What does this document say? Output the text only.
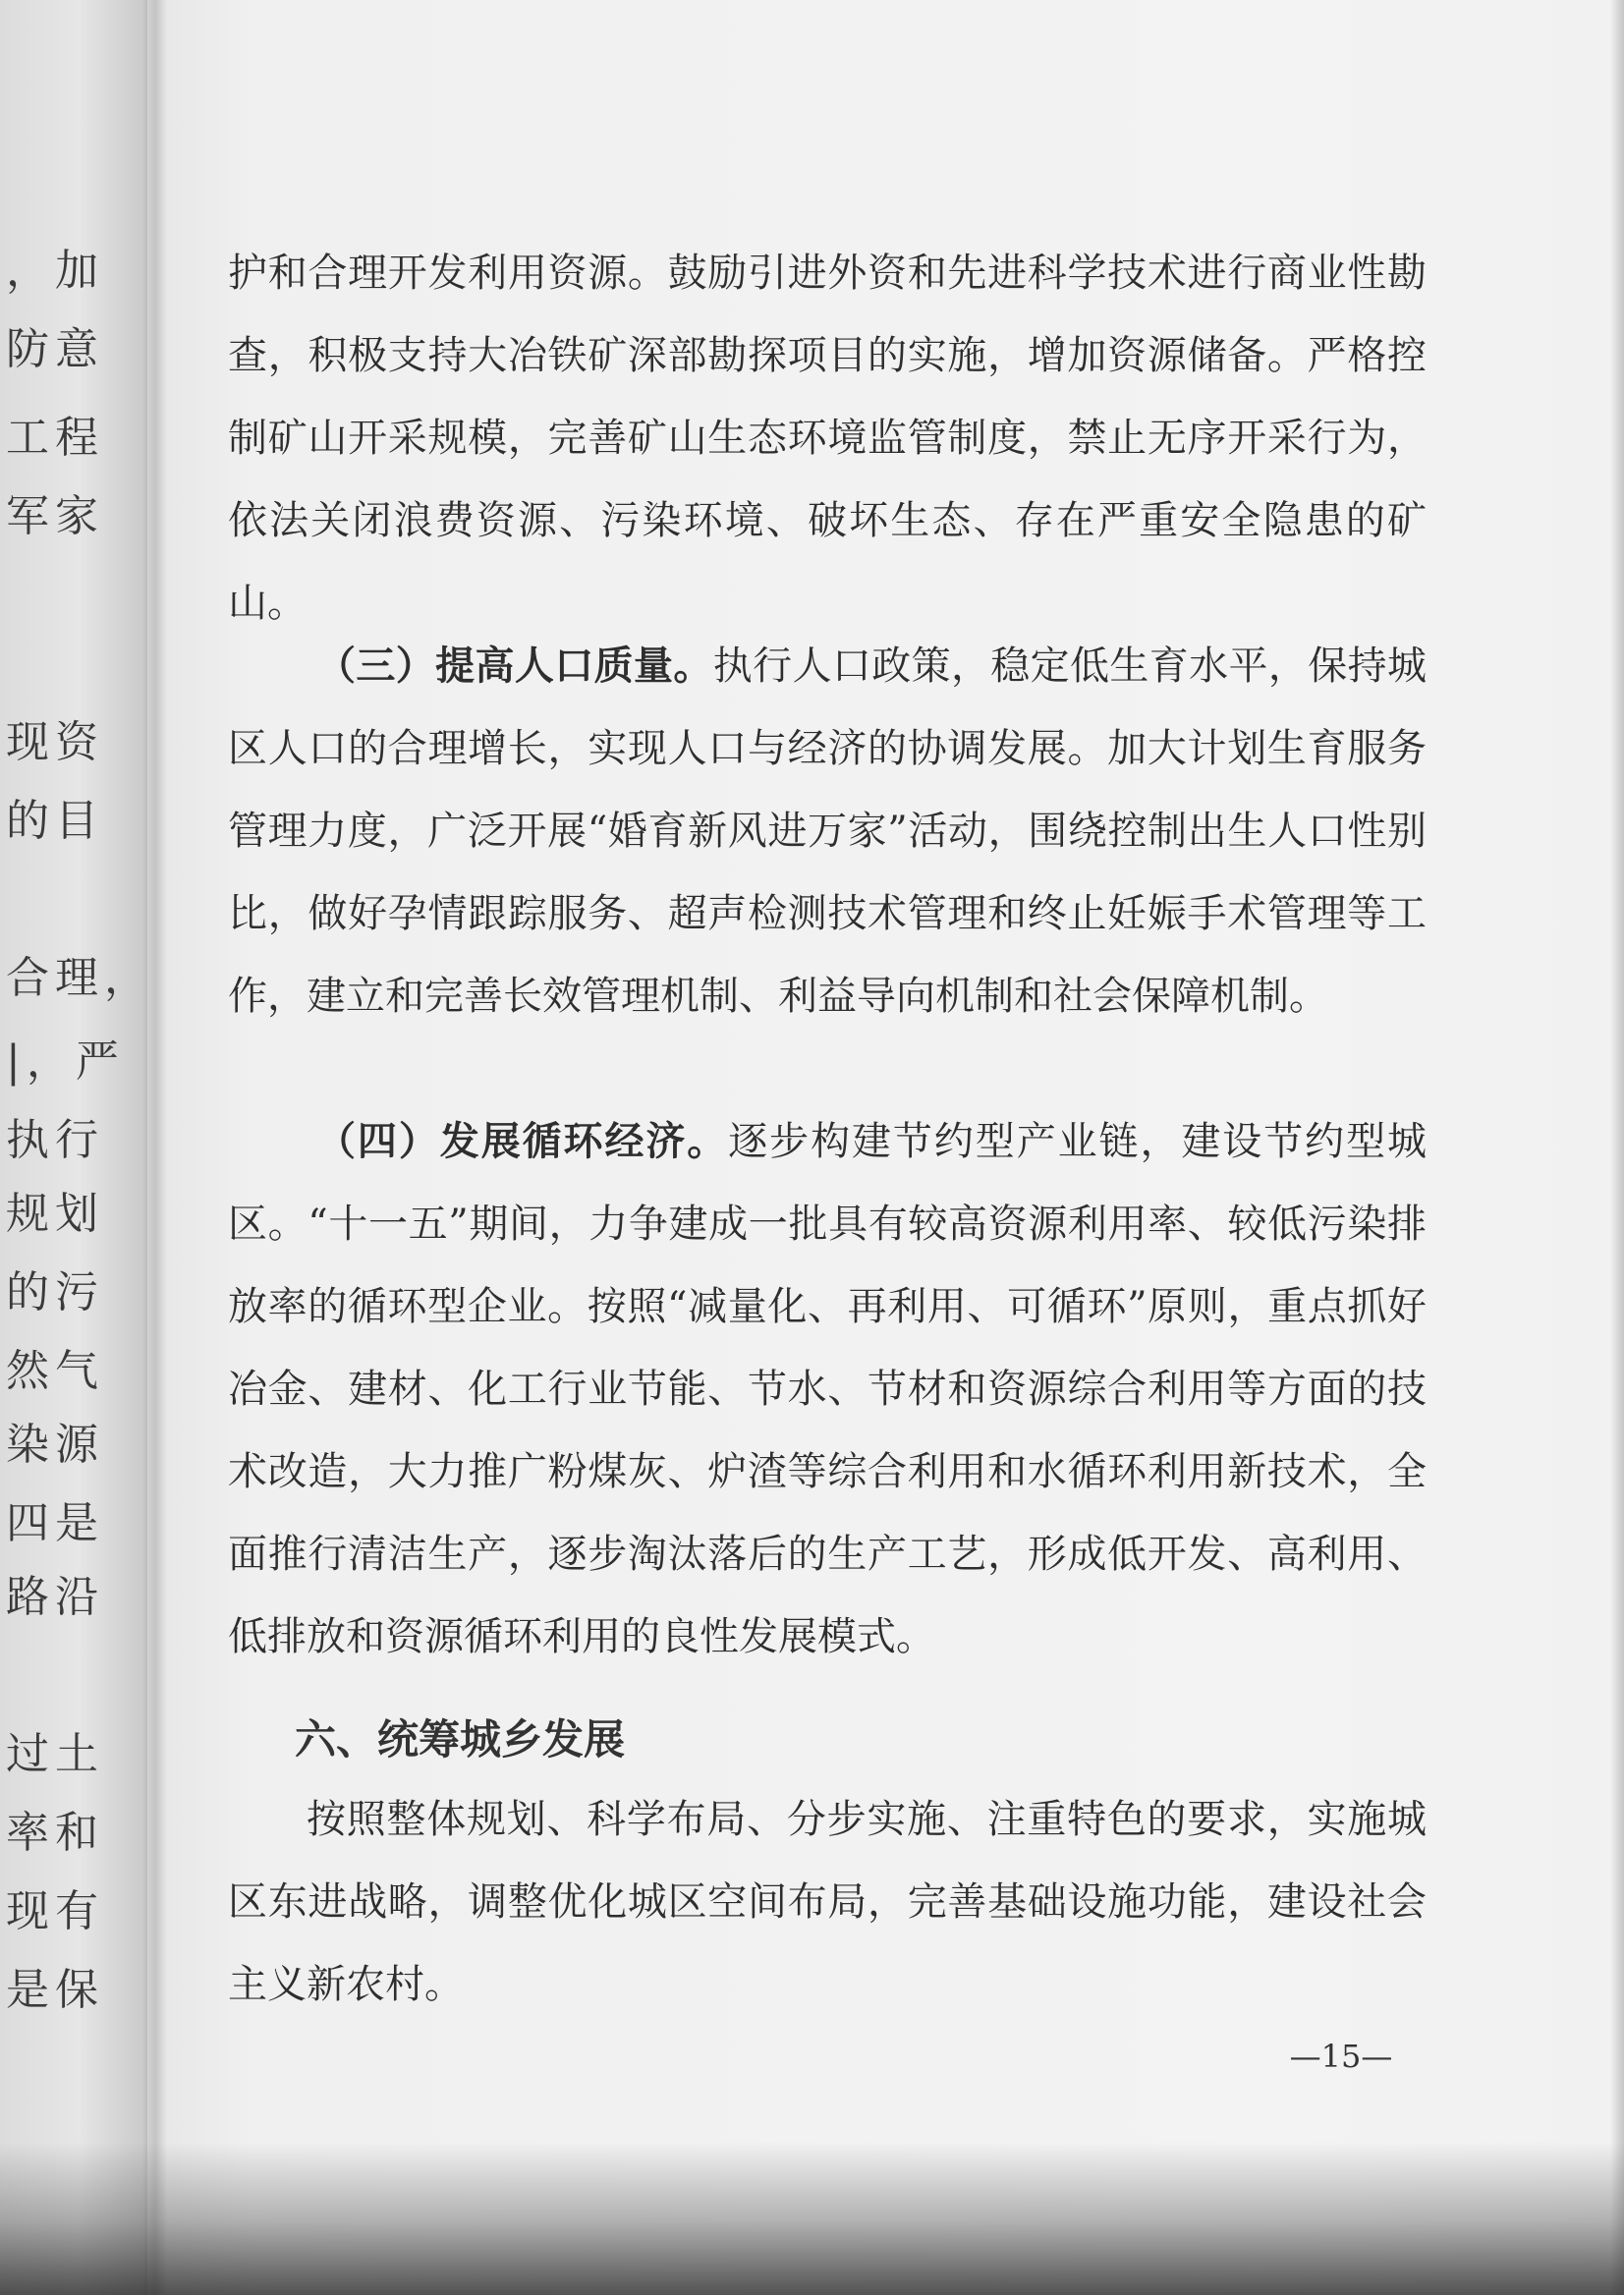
，加
防意
工程
军家
现资
的目
合理，
|，严
执行
规划
的污
然气
染源
四是
路沿
过土
率和
现有
是保

护和合理开发利用资源。鼓励引进外资和先进科学技术进行商业性勘查，积极支持大冶铁矿深部勘探项目的实施，增加资源储备。严格控制矿山开采规模，完善矿山生态环境监管制度，禁止无序开采行为，依法关闭浪费资源、污染环境、破坏生态、存在严重安全隐患的矿山。

（三）提高人口质量。执行人口政策，稳定低生育水平，保持城区人口的合理增长，实现人口与经济的协调发展。加大计划生育服务管理力度，广泛开展“婚育新风进万家”活动，围绕控制出生人口性别比，做好孕情跟踪服务、超声检测技术管理和终止妊娠手术管理等工作，建立和完善长效管理机制、利益导向机制和社会保障机制。

（四）发展循环经济。逐步构建节约型产业链，建设节约型城区。“十一五”期间，力争建成一批具有较高资源利用率、较低污染排放率的循环型企业。按照“减量化、再利用、可循环”原则，重点抓好冶金、建材、化工行业节能、节水、节材和资源综合利用等方面的技术改造，大力推广粉煤灰、炉渣等综合利用和水循环利用新技术，全面推行清洁生产，逐步淘汰落后的生产工艺，形成低开发、高利用、低排放和资源循环利用的良性发展模式。

六、统筹城乡发展

按照整体规划、科学布局、分步实施、注重特色的要求，实施城区东进战略，调整优化城区空间布局，完善基础设施功能，建设社会主义新农村。

—15—
